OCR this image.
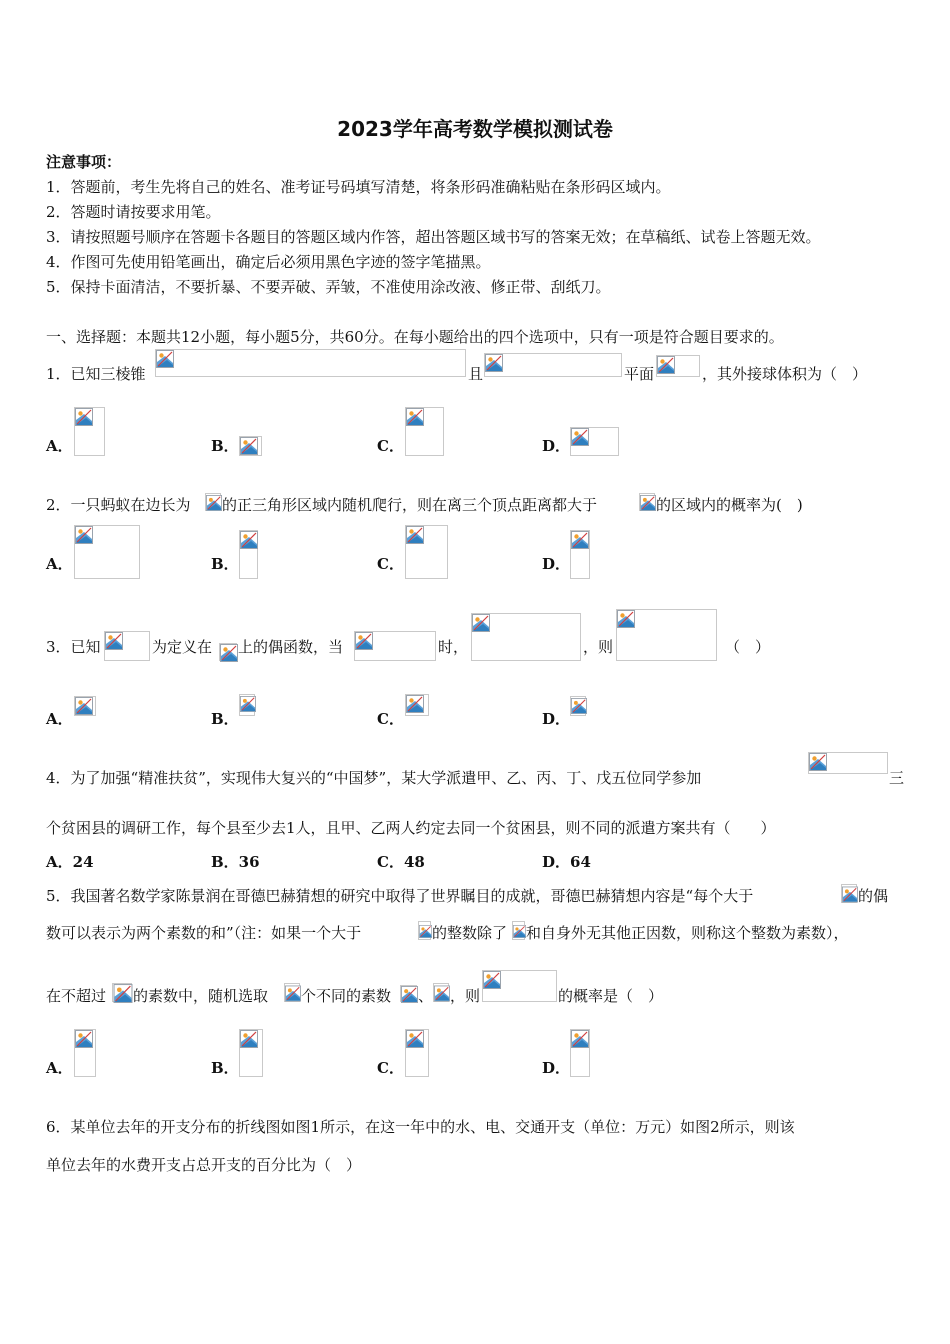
2023学年高考数学模拟测试卷
注意事项：
1．答题前，考生先将自己的姓名、准考证号码填写清楚，将条形码准确粘贴在条形码区域内。
2．答题时请按要求用笔。
3．请按照题号顺序在答题卡各题目的答题区域内作答，超出答题区域书写的答案无效；在草稿纸、试卷上答题无效。
4．作图可先使用铅笔画出，确定后必须用黑色字迹的签字笔描黑。
5．保持卡面清洁，不要折暴、不要弄破、弄皱，不准使用涂改液、修正带、刮纸刀。
一、选择题：本题共12小题，每小题5分，共60分。在每小题给出的四个选项中，只有一项是符合题目要求的。
1．已知三棱锥	且	平面	，其外接球体积为（　）
A．	B．	C．	D．
2．一只蚂蚁在边长为 的正三角形区域内随机爬行，则在离三个顶点距离都大于	的区域内的概率为(　)
A．	B．	C．	D．
3．已知	为定义在 上的偶函数，当	时，	，则	（　）
A．	B．	C．	D．
4．为了加强“精准扶贫”，实现伟大复兴的“中国梦”，某大学派遣甲、乙、丙、丁、戊五位同学参加	三
个贫困县的调研工作，每个县至少去1人，且甲、乙两人约定去同一个贫困县，则不同的派遣方案共有（　　）
A．24	B．36	C．48	D．64
5．我国著名数学家陈景润在哥德巴赫猜想的研究中取得了世界瞩目的成就，哥德巴赫猜想内容是“每个大于	的偶
数可以表示为两个素数的和”（注：如果一个大于	的整数除了 和自身外无其他正因数，则称这个整数为素数），
在不超过 的素数中，随机选取 个不同的素数 、 ，则	的概率是（　）
A．	B．	C．	D．
6．某单位去年的开支分布的折线图如图1所示，在这一年中的水、电、交通开支（单位：万元）如图2所示，则该
单位去年的水费开支占总开支的百分比为（　）
